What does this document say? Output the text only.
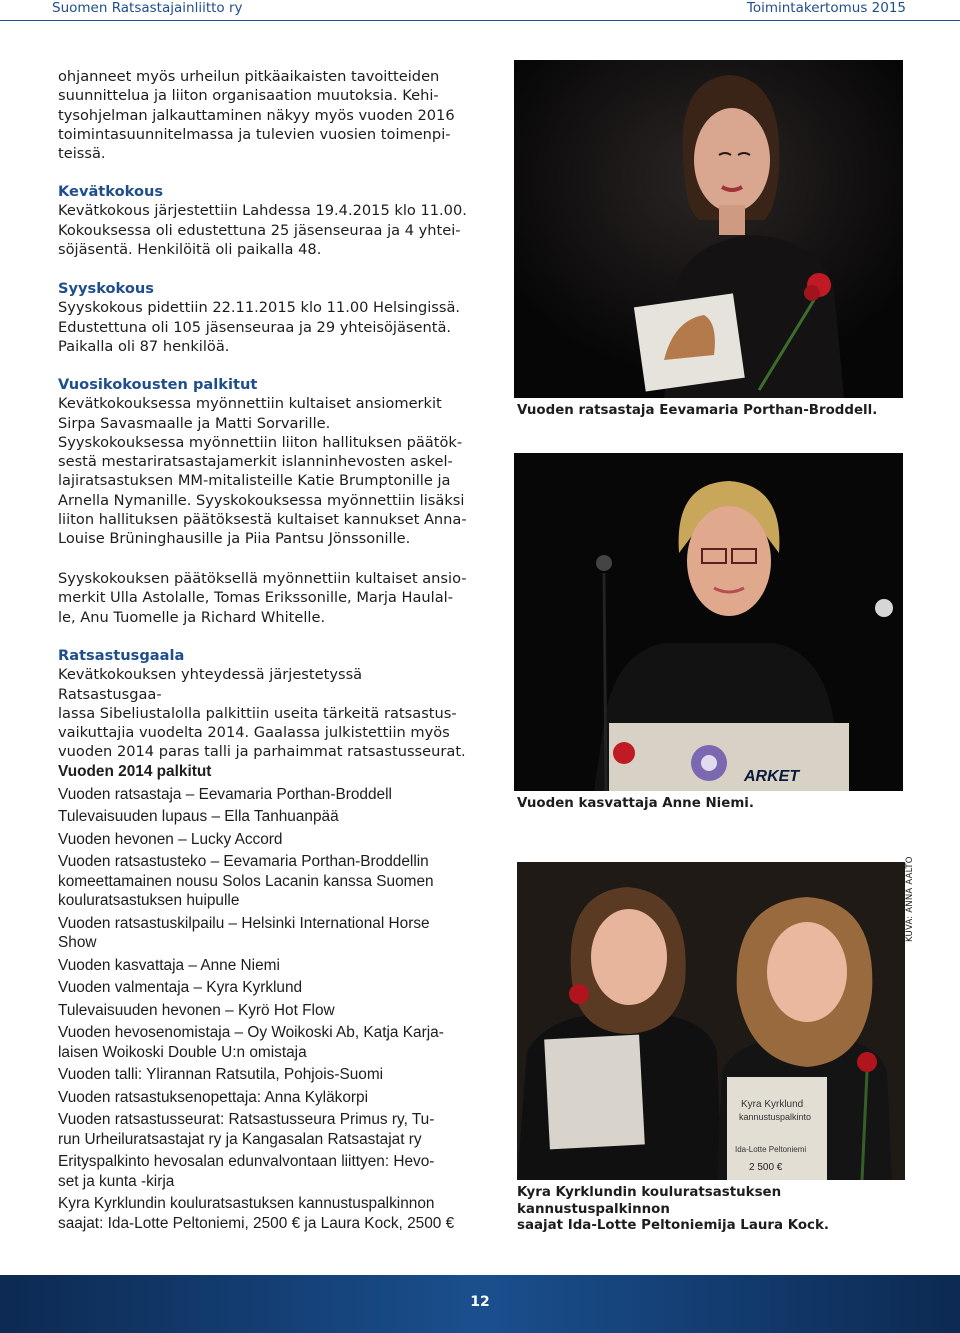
Suomen Ratsastajainliitto ry	Toimintakertomus 2015

ohjanneet myös urheilun pitkäaikaisten tavoitteiden

suunnittelua ja liiton organisaation muutoksia. Kehi-

tysohjelman jalkauttaminen näkyy myös vuoden 2016

toimintasuunnitelmassa ja tulevien vuosien toimenpi-

teissä.

Kevätkokous

Kevätkokous järjestettiin Lahdessa 19.4.2015 klo 11.00.

Kokouksessa oli edustettuna 25 jäsenseuraa ja 4 yhtei-

söjäsentä. Henkilöitä oli paikalla 48.

Syyskokous

Syyskokous pidettiin 22.11.2015 klo 11.00 Helsingissä.

Edustettuna oli 105 jäsenseuraa ja 29 yhteisöjäsentä.

Paikalla oli 87 henkilöä.

Vuosikokousten palkitut

Kevätkokouksessa myönnettiin kultaiset ansiomerkit

Sirpa Savasmaalle ja Matti Sorvarille.

Syyskokouksessa myönnettiin liiton hallituksen päätök-

sestä mestariratsastajamerkit islanninhevosten askel-

lajiratsastuksen MM-mitalisteille Katie Brumptonille ja

Arnella Nymanille. Syyskokouksessa myönnettiin lisäksi

liiton hallituksen päätöksestä kultaiset kannukset Anna-

Louise Brüninghausille ja Piia Pantsu Jönssonille.

Syyskokouksen päätöksellä myönnettiin kultaiset ansio-

merkit Ulla Astolalle, Tomas Erikssonille, Marja Haulal-

le, Anu Tuomelle ja Richard Whitelle.

Ratsastusgaala

Kevätkokouksen yhteydessä järjestetyssä Ratsastusgaa-

lassa Sibeliustalolla palkittiin useita tärkeitä ratsastus-

vaikuttajia vuodelta 2014. Gaalassa julkistettiin myös

vuoden 2014 paras talli ja parhaimmat ratsastusseurat.

Vuoden 2014 palkitut

Vuoden ratsastaja – Eevamaria Porthan-Broddell

Tulevaisuuden lupaus – Ella Tanhuanpää

Vuoden hevonen – Lucky Accord

Vuoden ratsastusteko – Eevamaria Porthan-Broddellin

komeettamainen nousu Solos Lacanin kanssa Suomen

kouluratsastuksen huipulle

Vuoden ratsastuskilpailu – Helsinki International Horse

Show

Vuoden kasvattaja – Anne Niemi

Vuoden valmentaja – Kyra Kyrklund

Tulevaisuuden hevonen – Kyrö Hot Flow

Vuoden hevosenomistaja – Oy Woikoski Ab, Katja Karja-

laisen Woikoski Double U:n omistaja

Vuoden talli: Ylirannan Ratsutila, Pohjois-Suomi

Vuoden ratsastuksenopettaja: Anna Kyläkorpi

Vuoden ratsastusseurat: Ratsastusseura Primus ry, Tu-

run Urheiluratsastajat ry ja Kangasalan Ratsastajat ry

Erityspalkinto hevosalan edunvalvontaan liittyen: Hevo-

set ja kunta -kirja

Kyra Kyrklundin kouluratsastuksen kannustuspalkinnon

saajat: Ida-Lotte Peltoniemi, 2500 € ja Laura Kock, 2500 €

Vuoden ratsastaja Eevamaria Porthan-Broddell.
ARKET
Vuoden kasvattaja Anne Niemi.
Kyra Kyrklund
kannustuspalkinto
Ida-Lotte Peltoniemi
2 500 €
KUVA: ANNA AALTO
Kyra Kyrklundin kouluratsastuksen kannustuspalkinnon
saajat Ida-Lotte Peltoniemija Laura Kock.
12
